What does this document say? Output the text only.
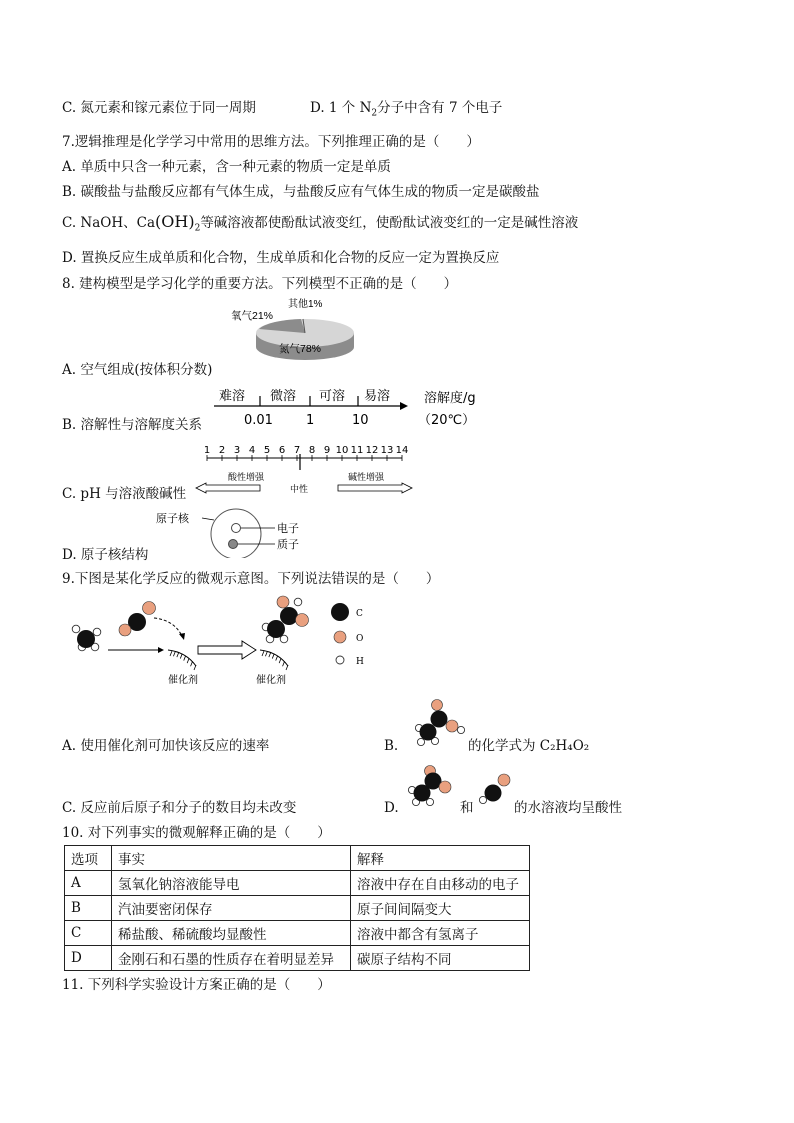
C. 氮元素和镓元素位于同一周期	D. 1 个 $N_2$分子中含有 7 个电子
7.逻辑推理是化学学习中常用的思维方法。下列推理正确的是（　　）
A. 单质中只含一种元素，含一种元素的物质一定是单质
B. 碳酸盐与盐酸反应都有气体生成，与盐酸反应有气体生成的物质一定是碳酸盐
C. NaOH、$Ca(OH)_2$等碱溶液都使酚酞试液变红，使酚酞试液变红的一定是碱性溶液
D. 置换反应生成单质和化合物，生成单质和化合物的反应一定为置换反应
8. 建构模型是学习化学的重要方法。下列模型不正确的是（　　）
其他1%
氧气21%
氮气78%
A. 空气组成(按体积分数)
难溶 微溶 可溶 易溶
0.01	1	10
溶解度/g
（20℃）
B. 溶解性与溶解度关系
1 2 3 4 5 6 7 8 9 10 11 12 13 14
酸性增强
中性
碱性增强
C. pH 与溶液酸碱性
原子核
电子
质子
D. 原子核结构
9.下图是某化学反应的微观示意图。下列说法错误的是（　　）
催化剂	催化剂
C
O
H
A. 使用催化剂可加快该反应的速率	B.	的化学式为 C₂H₄O₂
C. 反应前后原子和分子的数目均未改变	D.	和	的水溶液均呈酸性
10. 对下列事实的微观解释正确的是（　　）
选项	事实	解释
A	氢氧化钠溶液能导电	溶液中存在自由移动的电子
B	汽油要密闭保存	原子间间隔变大
C	稀盐酸、稀硫酸均显酸性	溶液中都含有氢离子
D	金刚石和石墨的性质存在着明显差异	碳原子结构不同
11. 下列科学实验设计方案正确的是（　　）
